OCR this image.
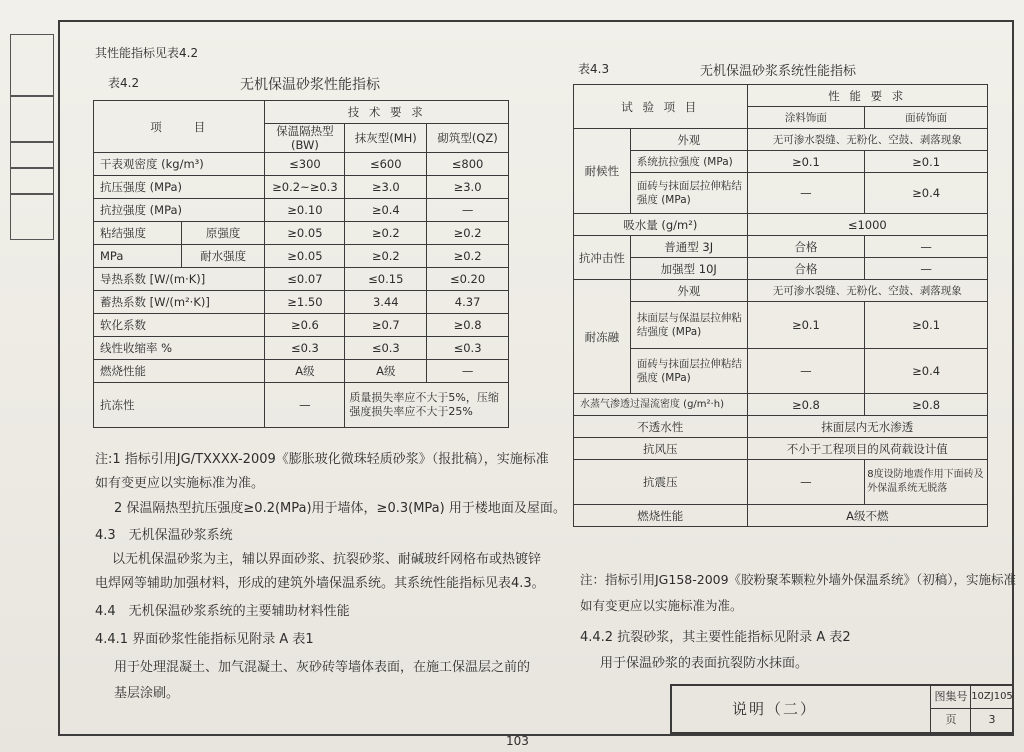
其性能指标见表4.2
表4.2	无机保温砂浆性能指标
项　　目		技 术 要 求		
		保温隔热型(BW)	抹灰型(MH)	砌筑型(QZ)
干表观密度 (kg/m³)		≤300	≤600	≤800
抗压强度 (MPa)		≥0.2~≥0.3	≥3.0	≥3.0
抗拉强度 (MPa)		≥0.10	≥0.4	—
粘结强度	原强度	≥0.05	≥0.2	≥0.2
MPa	耐水强度	≥0.05	≥0.2	≥0.2
导热系数 [W/(m·K)]		≤0.07	≤0.15	≤0.20
蓄热系数 [W/(m²·K)]		≥1.50	3.44	4.37
软化系数		≥0.6	≥0.7	≥0.8
线性收缩率 %		≤0.3	≤0.3	≤0.3
燃烧性能		A级	A级	—
抗冻性		—	质量损失率应不大于5%，压缩强度损失率应不大于25%	
注:1 指标引用JG/TXXXX-2009《膨胀玻化微珠轻质砂浆》（报批稿），实施标准
如有变更应以实施标准为准。
2 保温隔热型抗压强度≥0.2(MPa)用于墙体，≥0.3(MPa) 用于楼地面及屋面。
4.3　无机保温砂浆系统
以无机保温砂浆为主，辅以界面砂浆、抗裂砂浆、耐碱玻纤网格布或热镀锌
电焊网等辅助加强材料，形成的建筑外墙保温系统。其系统性能指标见表4.3。
4.4　无机保温砂浆系统的主要辅助材料性能
4.4.1 界面砂浆性能指标见附录 A 表1
用于处理混凝土、加气混凝土、灰砂砖等墙体表面，在施工保温层之前的
基层涂刷。
表4.3	无机保温砂浆系统性能指标
试 验 项 目		性 能 要 求	
		涂料饰面	面砖饰面
耐候性	外观	无可渗水裂缝、无粉化、空鼓、剥落现象	
	系统抗拉强度 (MPa)	≥0.1	≥0.1
	面砖与抹面层拉伸粘结强度 (MPa)	—	≥0.4
吸水量 (g/m²)		≤1000	
抗冲击性	普通型 3J	合格	—
	加强型 10J	合格	—
耐冻融	外观	无可渗水裂缝、无粉化、空鼓、剥落现象	
	抹面层与保温层拉伸粘结强度 (MPa)	≥0.1	≥0.1
	面砖与抹面层拉伸粘结强度 (MPa)	—	≥0.4
水蒸气渗透过湿流密度 (g/m²·h)		≥0.8	≥0.8
不透水性		抹面层内无水渗透	
抗风压		不小于工程项目的风荷载设计值	
抗震压		—	8度设防地震作用下面砖及外保温系统无脱落
燃烧性能		A级不燃	
注：指标引用JG158-2009《胶粉聚苯颗粒外墙外保温系统》（初稿），实施标准
如有变更应以实施标准为准。
4.4.2 抗裂砂浆，其主要性能指标见附录 A 表2
用于保温砂浆的表面抗裂防水抹面。
说明（二）
图集号 10ZJ105
页	3
103
